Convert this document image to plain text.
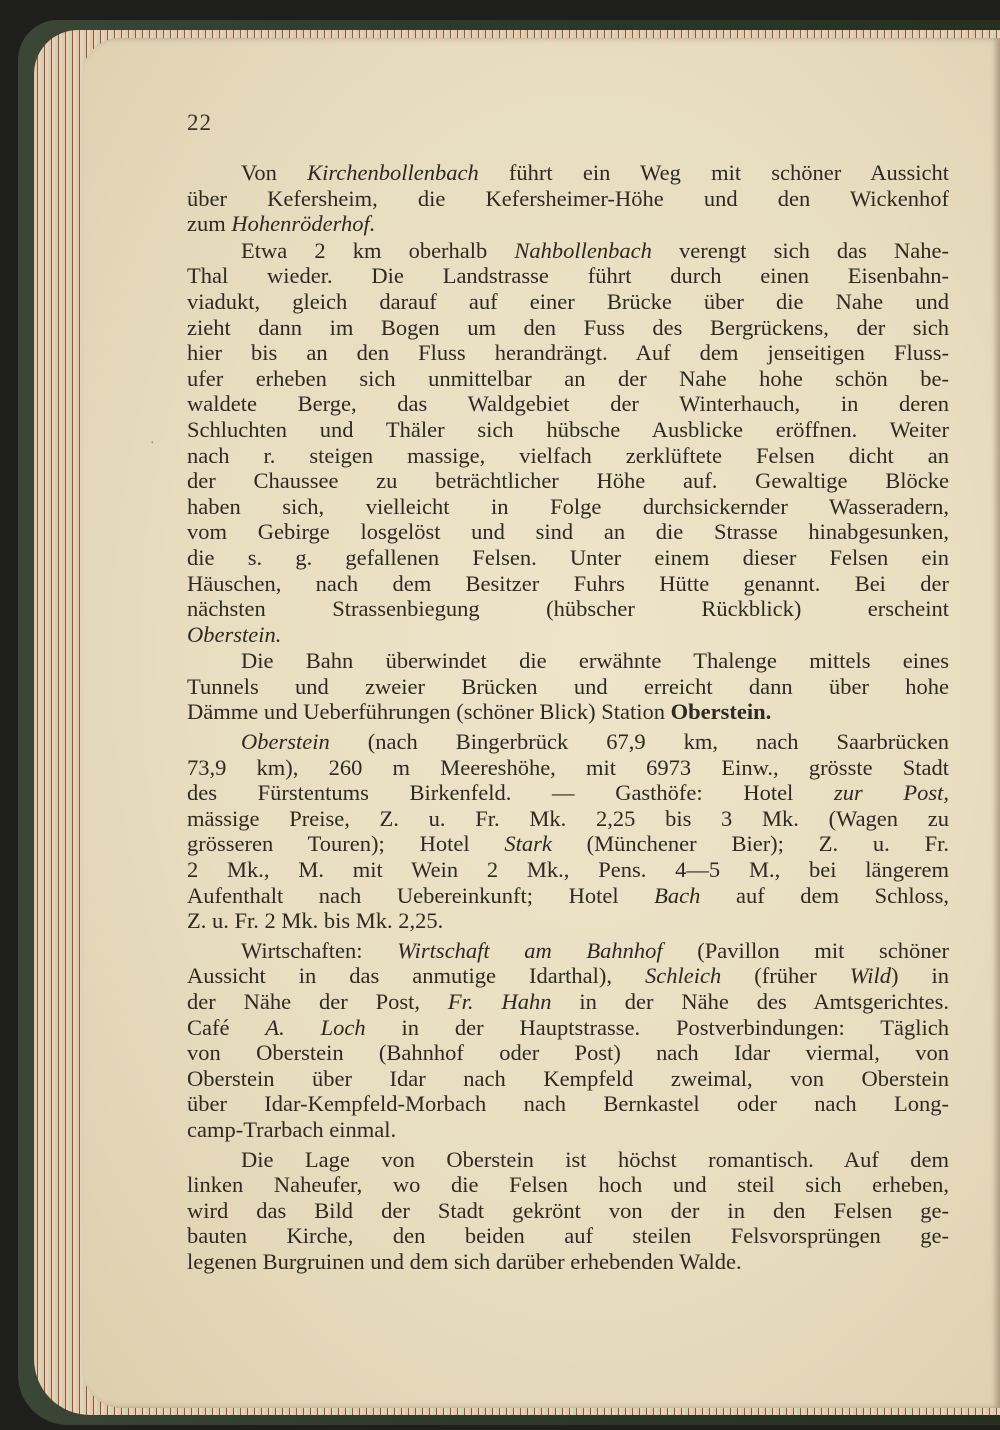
·
22

Von Kirchenbollenbach führt ein Weg mit schöner Aussicht
über Kefersheim, die Kefersheimer-Höhe und den Wickenhof
zum Hohenröderhof.

Etwa 2 km oberhalb Nahbollenbach verengt sich das Nahe-
Thal wieder. Die Landstrasse führt durch einen Eisenbahn-
viadukt, gleich darauf auf einer Brücke über die Nahe und
zieht dann im Bogen um den Fuss des Bergrückens, der sich
hier bis an den Fluss herandrängt. Auf dem jenseitigen Fluss-
ufer erheben sich unmittelbar an der Nahe hohe schön be-
waldete Berge, das Waldgebiet der Winterhauch, in deren
Schluchten und Thäler sich hübsche Ausblicke eröffnen. Weiter
nach r. steigen massige, vielfach zerklüftete Felsen dicht an
der Chaussee zu beträchtlicher Höhe auf. Gewaltige Blöcke
haben sich, vielleicht in Folge durchsickernder Wasseradern,
vom Gebirge losgelöst und sind an die Strasse hinabgesunken,
die s. g. gefallenen Felsen. Unter einem dieser Felsen ein
Häuschen, nach dem Besitzer Fuhrs Hütte genannt. Bei der
nächsten Strassenbiegung (hübscher Rückblick) erscheint
Oberstein.

Die Bahn überwindet die erwähnte Thalenge mittels eines
Tunnels und zweier Brücken und erreicht dann über hohe
Dämme und Ueberführungen (schöner Blick) Station Oberstein.

Oberstein (nach Bingerbrück 67,9 km, nach Saarbrücken
73,9 km), 260 m Meereshöhe, mit 6973 Einw., grösste Stadt
des Fürstentums Birkenfeld. — Gasthöfe: Hotel zur Post,
mässige Preise, Z. u. Fr. Mk. 2,25 bis 3 Mk. (Wagen zu
grösseren Touren); Hotel Stark (Münchener Bier); Z. u. Fr.
2 Mk., M. mit Wein 2 Mk., Pens. 4—5 M., bei längerem
Aufenthalt nach Uebereinkunft; Hotel Bach auf dem Schloss,
Z. u. Fr. 2 Mk. bis Mk. 2,25.

Wirtschaften: Wirtschaft am Bahnhof (Pavillon mit schöner
Aussicht in das anmutige Idarthal), Schleich (früher Wild) in
der Nähe der Post, Fr. Hahn in der Nähe des Amtsgerichtes.
Café A. Loch in der Hauptstrasse. Postverbindungen: Täglich
von Oberstein (Bahnhof oder Post) nach Idar viermal, von
Oberstein über Idar nach Kempfeld zweimal, von Oberstein
über Idar-Kempfeld-Morbach nach Bernkastel oder nach Long-
camp-Trarbach einmal.

Die Lage von Oberstein ist höchst romantisch. Auf dem
linken Naheufer, wo die Felsen hoch und steil sich erheben,
wird das Bild der Stadt gekrönt von der in den Felsen ge-
bauten Kirche, den beiden auf steilen Felsvorsprüngen ge-
legenen Burgruinen und dem sich darüber erhebenden Walde.
